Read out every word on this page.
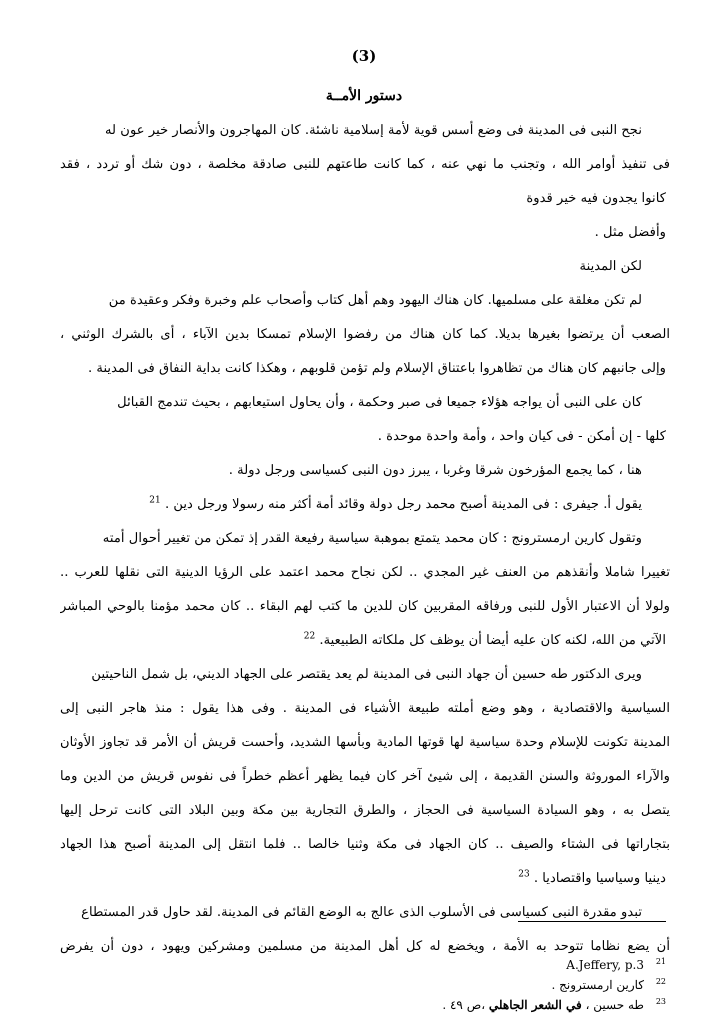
(3)
دستور الأمــة
نجح النبى فى المدينة فى وضع أسس قوية لأمة إسلامية ناشئة. كان المهاجرون والأنصار خير عون له
فى تنفيذ أوامر الله ، وتجنب ما نهي عنه ، كما كانت طاعتهم للنبى صادقة مخلصة ، دون شك أو تردد ، فقد
كانوا يجدون فيه خير قدوة
وأفضل مثل .
لكن المدينة
لم تكن مغلقة على مسلميها. كان هناك اليهود وهم أهل كتاب وأصحاب علم وخبرة وفكر وعقيدة من
الصعب أن يرتضوا بغيرها بديلا. كما كان هناك من رفضوا الإسلام تمسكا بدين الآباء ، أى بالشرك الوثني ،
وإلى جانبهم كان هناك من تظاهروا باعتناق الإسلام ولم تؤمن قلوبهم ، وهكذا كانت بداية النفاق فى المدينة .
كان على النبى أن يواجه هؤلاء جميعا فى صبر وحكمة ، وأن يحاول استيعابهم ، بحيث تندمج القبائل
كلها - إن أمكن - فى كيان واحد ، وأمة واحدة موحدة .
هنا ، كما يجمع المؤرخون شرقا وغربا ، يبرز دون النبى كسياسى ورجل دولة .
يقول أ. جيفرى : فى المدينة أصبح محمد رجل دولة وقائد أمة أكثر منه رسولا ورجل دين . $^{21}$
وتقول كارين ارمسترونج : كان محمد يتمتع بموهبة سياسية رفيعة القدر إذ تمكن من تغيير أحوال أمته
تغييرا شاملا وأنقذهم من العنف غير المجدي .. لكن نجاح محمد اعتمد على الرؤيا الدينية التى نقلها للعرب ..
ولولا أن الاعتبار الأول للنبى ورفاقه المقربين كان للدين ما كتب لهم البقاء .. كان محمد مؤمنا بالوحي المباشر
الآتي من الله، لكنه كان عليه أيضا أن يوظف كل ملكاته الطبيعية. $^{22}$
ويرى الدكتور طه حسين أن جهاد النبى فى المدينة لم يعد يقتصر على الجهاد الديني، بل شمل الناحيتين
السياسية والاقتصادية ، وهو وضع أملته طبيعة الأشياء فى المدينة . وفى هذا يقول : منذ هاجر النبى إلى
المدينة تكونت للإسلام وحدة سياسية لها قوتها المادية وبأسها الشديد، وأحست قريش أن الأمر قد تجاوز الأوثان
والآراء الموروثة والسنن القديمة ، إلى شيئ آخر كان فيما يظهر أعظم خطراً فى نفوس قريش من الدين وما
يتصل به ، وهو السيادة السياسية فى الحجاز ، والطرق التجارية بين مكة وبين البلاد التى كانت ترحل إليها
بتجاراتها فى الشتاء والصيف .. كان الجهاد فى مكة وثنيا خالصا .. فلما انتقل إلى المدينة أصبح هذا الجهاد
دينيا وسياسيا واقتصاديا . $^{23}$
تبدو مقدرة النبى كسياسى فى الأسلوب الذى عالج به الوضع القائم فى المدينة. لقد حاول قدر المستطاع
أن يضع نظاما تتوحد به الأمة ، ويخضع له كل أهل المدينة من مسلمين ومشركين ويهود ، دون أن يفرض
$^{21}$ A.Jeffery, p.3
$^{22}$ كارين ارمسترونج .
$^{23}$ طه حسين ، في الشعر الجاهلي ،ص ٤٩ .
